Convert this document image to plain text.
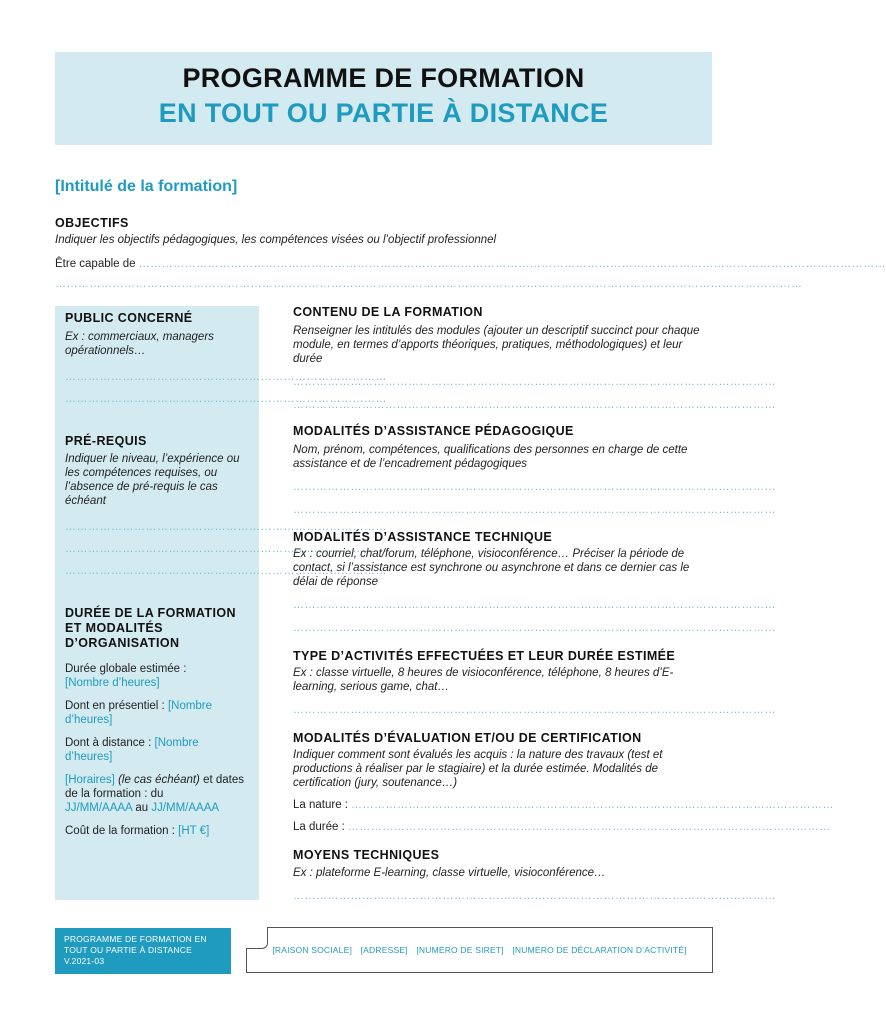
PROGRAMME DE FORMATION
EN TOUT OU PARTIE À DISTANCE
[Intitulé de la formation]
OBJECTIFS
Indiquer les objectifs pédagogiques, les compétences visées ou l’objectif professionnel
Être capable de ……………………………………………………………………………………………………………………………………………………………………………
……………………………………………………………………………………………………………………………………………………………………………
PUBLIC CONCERNÉ
Ex : commerciaux, managers opérationnels…
…………………………………………………………………………
…………………………………………………………………………
PRÉ-REQUIS
Indiquer le niveau, l’expérience ou les compétences requises, ou l’absence de pré-requis le cas échéant
…………………………………………………………………………
…………………………………………………………………………
…………………………………………………………………………
DURÉE DE LA FORMATION ET MODALITÉS D’ORGANISATION
Durée globale estimée :
[Nombre d’heures]
Dont en présentiel : [Nombre d’heures]
Dont à distance : [Nombre d’heures]
[Horaires] (le cas échéant) et dates de la formation : du
JJ/MM/AAAA au JJ/MM/AAAA
Coût de la formation : [HT €]
CONTENU DE LA FORMATION
Renseigner les intitulés des modules (ajouter un descriptif succinct pour chaque module, en termes d’apports théoriques, pratiques, méthodologiques) et leur durée
………………………………………………………………………………………………………………
………………………………………………………………………………………………………………
MODALITÉS D’ASSISTANCE PÉDAGOGIQUE
Nom, prénom, compétences, qualifications des personnes en charge de cette assistance et de l’encadrement pédagogiques
………………………………………………………………………………………………………………
………………………………………………………………………………………………………………
MODALITÉS D’ASSISTANCE TECHNIQUE
Ex : courriel, chat/forum, téléphone, visioconférence… Préciser la période de contact, si l’assistance est synchrone ou asynchrone et dans ce dernier cas le délai de réponse
………………………………………………………………………………………………………………
………………………………………………………………………………………………………………
TYPE D’ACTIVITÉS EFFECTUÉES ET LEUR DURÉE ESTIMÉE
Ex : classe virtuelle, 8 heures de visioconférence, téléphone, 8 heures d’E-learning, serious game, chat…
………………………………………………………………………………………………………………
MODALITÉS D’ÉVALUATION ET/OU DE CERTIFICATION
Indiquer comment sont évalués les acquis : la nature des travaux (test et productions à réaliser par le stagiaire) et la durée estimée. Modalités de certification (jury, soutenance…)
La nature : ………………………………………………………………………………………………………………
La durée : ………………………………………………………………………………………………………………
MOYENS TECHNIQUES
Ex : plateforme E-learning, classe virtuelle, visioconférence…
………………………………………………………………………………………………………………
PROGRAMME DE FORMATION EN
TOUT OU PARTIE À DISTANCE
V.2021-03
[RAISON SOCIALE] [ADRESSE] [NUMÉRO DE SIRET] [NUMÉRO DE DÉCLARATION D’ACTIVITÉ]
